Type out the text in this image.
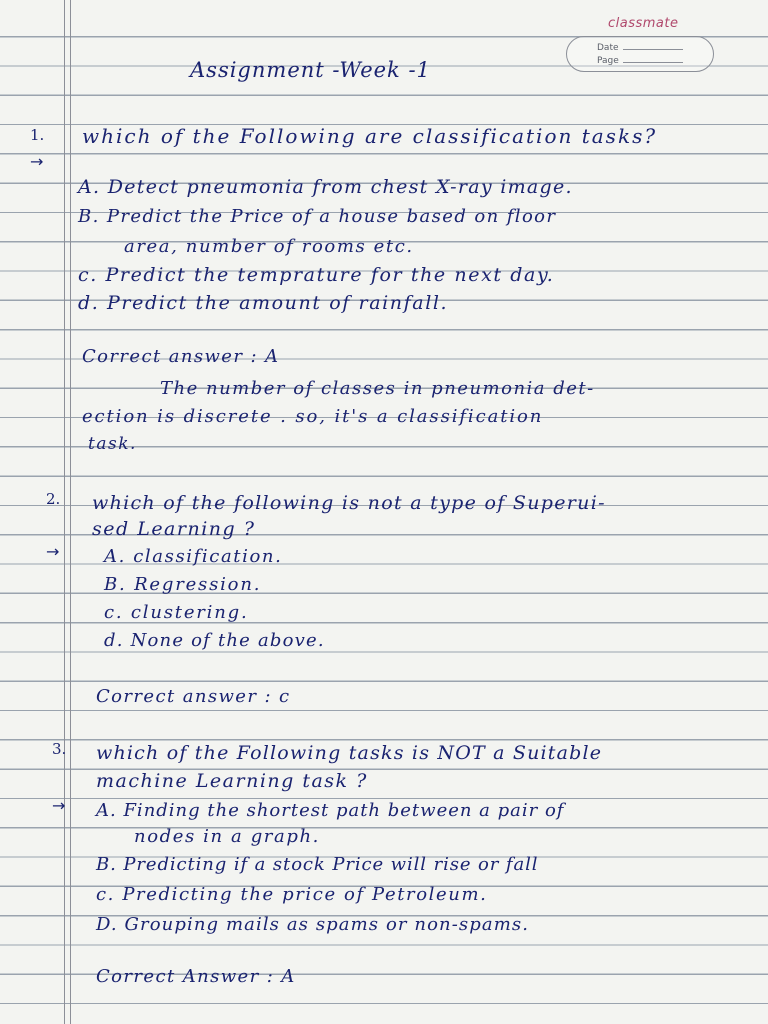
classmate
Date
Page
Assignment -Week -1
1.
→
which of the Following are classification tasks?
A. Detect pneumonia from chest X-ray image.
B. Predict the Price of a house based on floor
area, number of rooms etc.
c. Predict the temprature for the next day.
d. Predict the amount of rainfall.
Correct answer : A
The number of classes in pneumonia det-
ection is discrete . so, it's a classification
task.
2. which of the following is not a type of Superui-
sed Learning ?
→ A. classification.
B. Regression.
c. clustering.
d. None of the above.
Correct answer : c
3. which of the Following tasks is NOT a Suitable
machine Learning task ?
→ A. Finding the shortest path between a pair of
nodes in a graph.
B. Predicting if a stock Price will rise or fall
c. Predicting the price of Petroleum.
D. Grouping mails as spams or non-spams.
Correct Answer : A
